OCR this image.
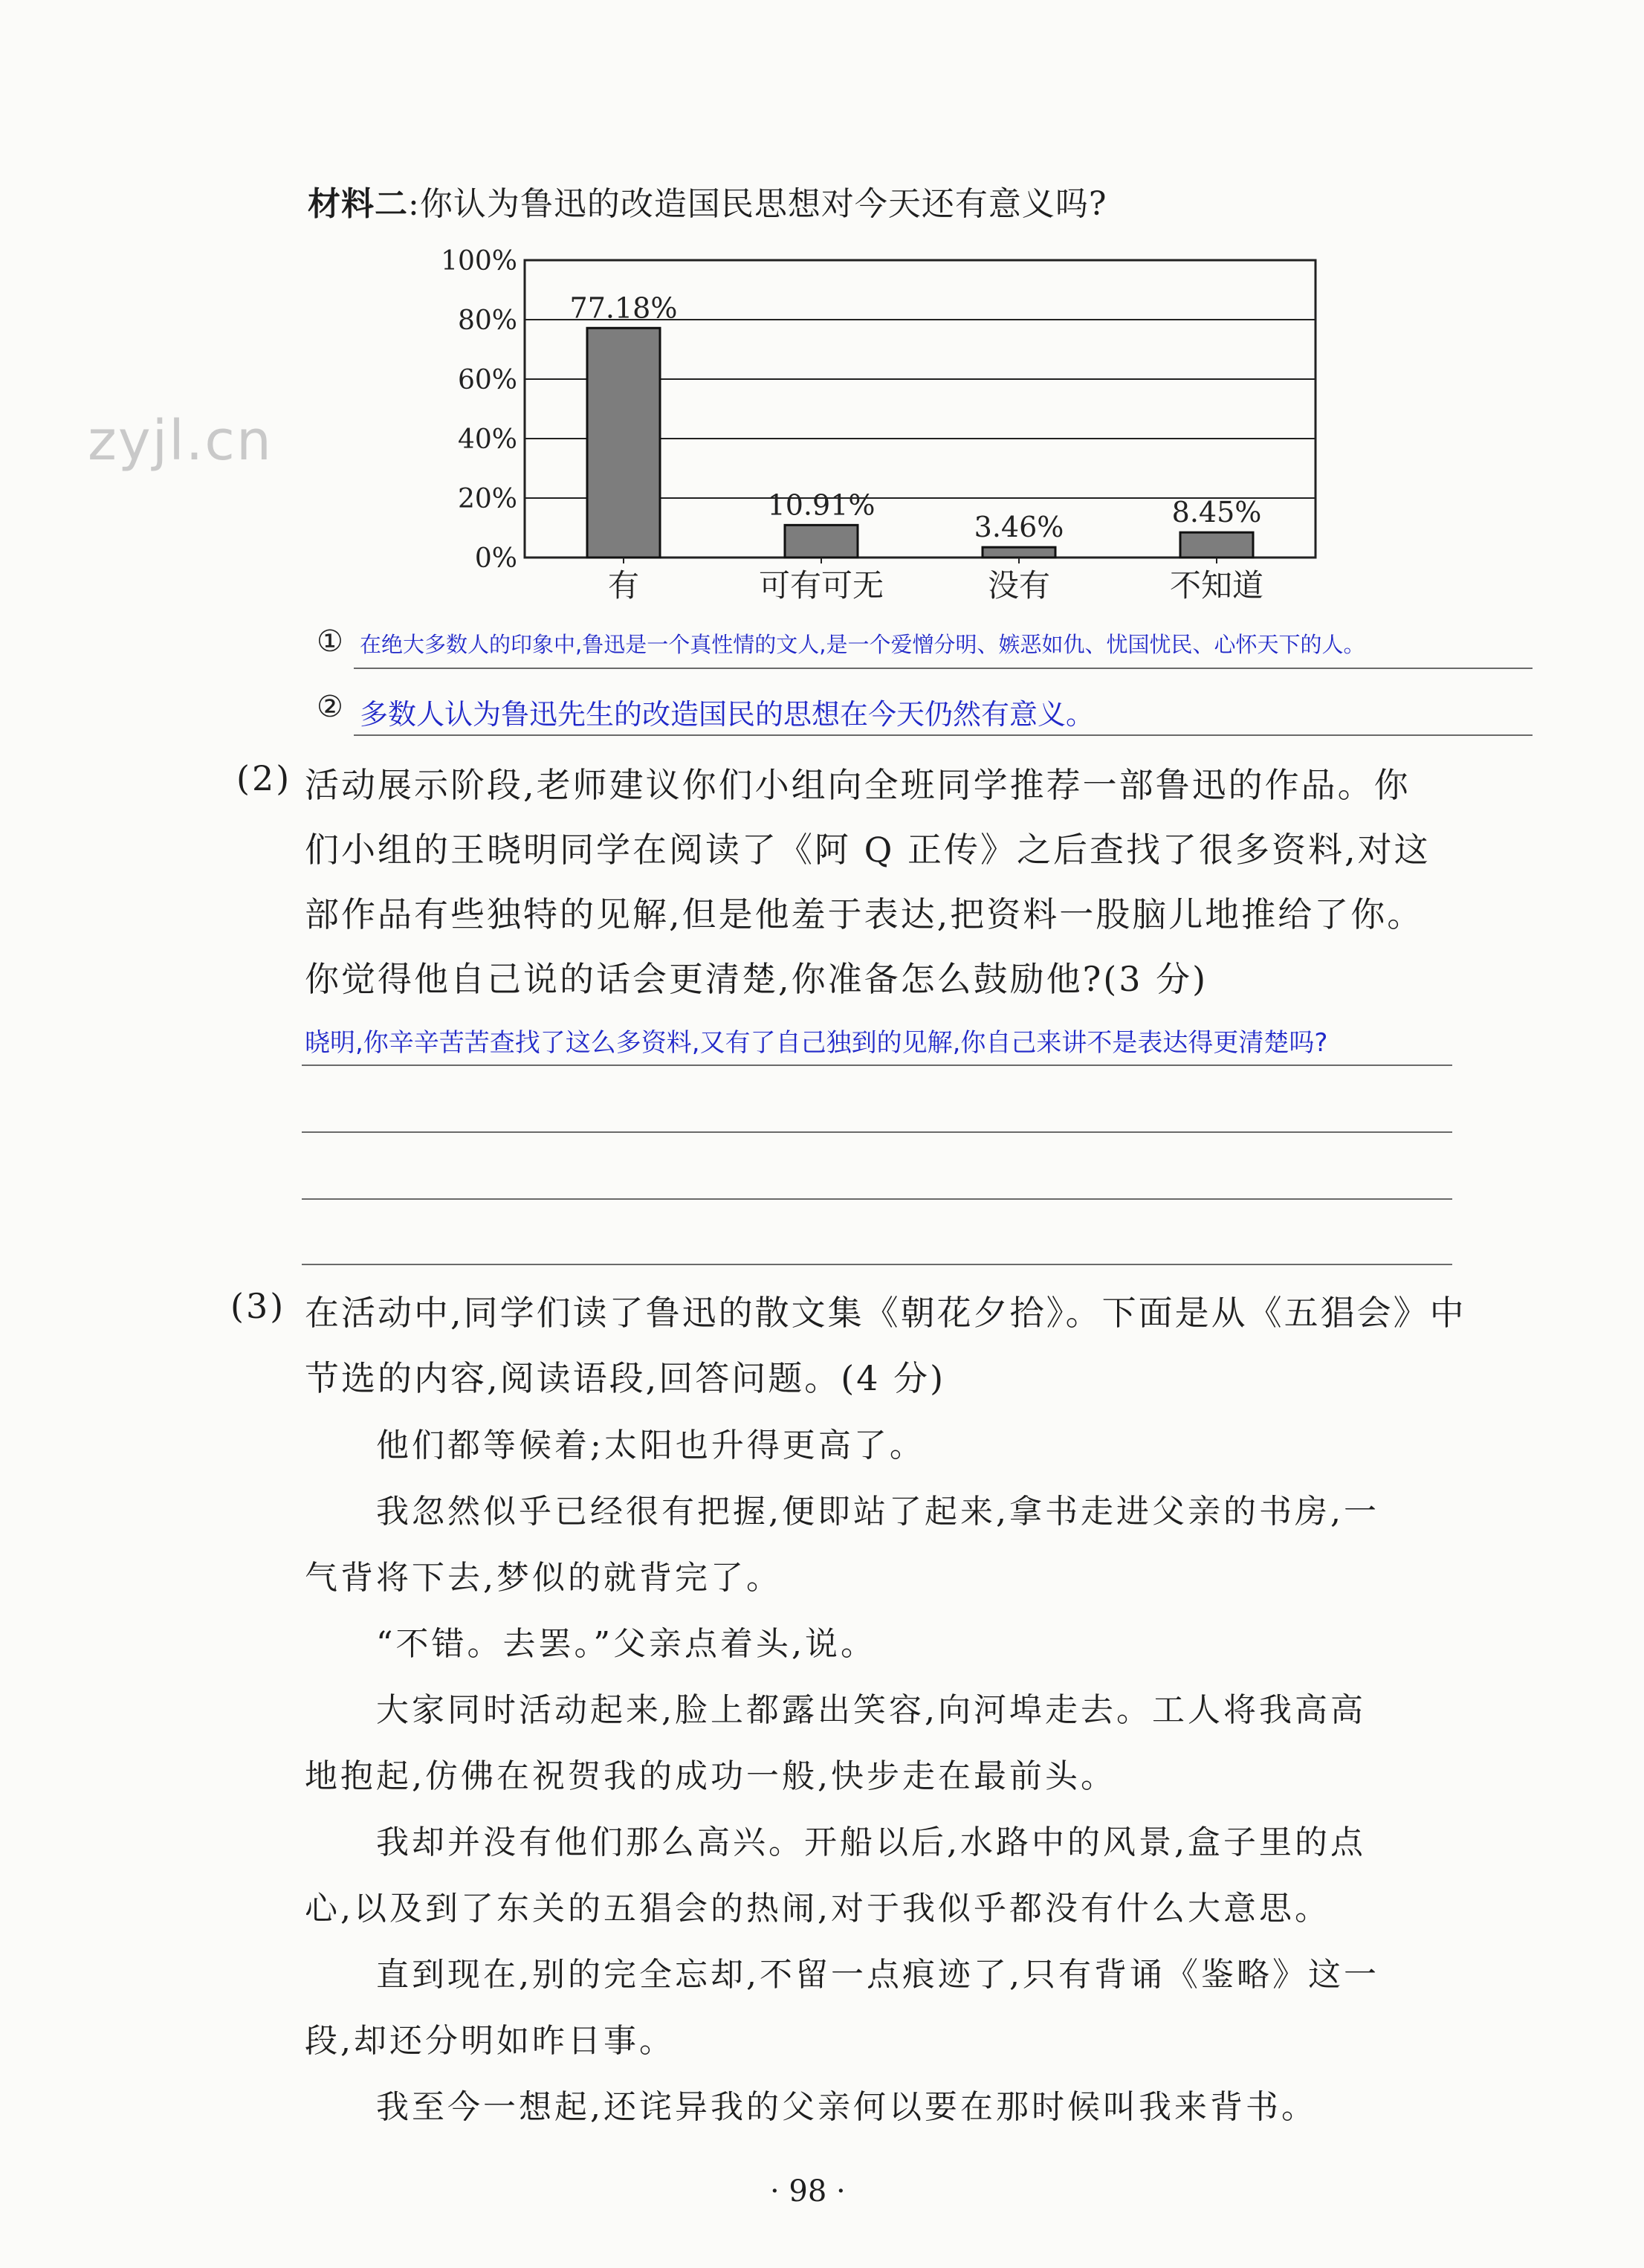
材料二:你认为鲁迅的改造国民思想对今天还有意义吗?
zyjl.cn
0%
20%
40%
60%
80%
100%
77.18%
有
10.91%
可有可无
3.46%
没有
8.45%
不知道
① 在绝大多数人的印象中,鲁迅是一个真性情的文人,是一个爱憎分明、嫉恶如仇、忧国忧民、心怀天下的人。
② 多数人认为鲁迅先生的改造国民的思想在今天仍然有意义。
(2) 活动展示阶段,老师建议你们小组向全班同学推荐一部鲁迅的作品。你
们小组的王晓明同学在阅读了《阿 Q 正传》之后查找了很多资料,对这
部作品有些独特的见解,但是他羞于表达,把资料一股脑儿地推给了你。
你觉得他自己说的话会更清楚,你准备怎么鼓励他?(3 分)
晓明,你辛辛苦苦查找了这么多资料,又有了自己独到的见解,你自己来讲不是表达得更清楚吗?
(3) 在活动中,同学们读了鲁迅的散文集《朝花夕拾》。下面是从《五猖会》中
节选的内容,阅读语段,回答问题。(4 分)
他们都等候着;太阳也升得更高了。
我忽然似乎已经很有把握,便即站了起来,拿书走进父亲的书房,一
气背将下去,梦似的就背完了。
“不错。去罢。”父亲点着头,说。
大家同时活动起来,脸上都露出笑容,向河埠走去。工人将我高高
地抱起,仿佛在祝贺我的成功一般,快步走在最前头。
我却并没有他们那么高兴。开船以后,水路中的风景,盒子里的点
心,以及到了东关的五猖会的热闹,对于我似乎都没有什么大意思。
直到现在,别的完全忘却,不留一点痕迹了,只有背诵《鉴略》这一
段,却还分明如昨日事。
我至今一想起,还诧异我的父亲何以要在那时候叫我来背书。
· 98 ·
